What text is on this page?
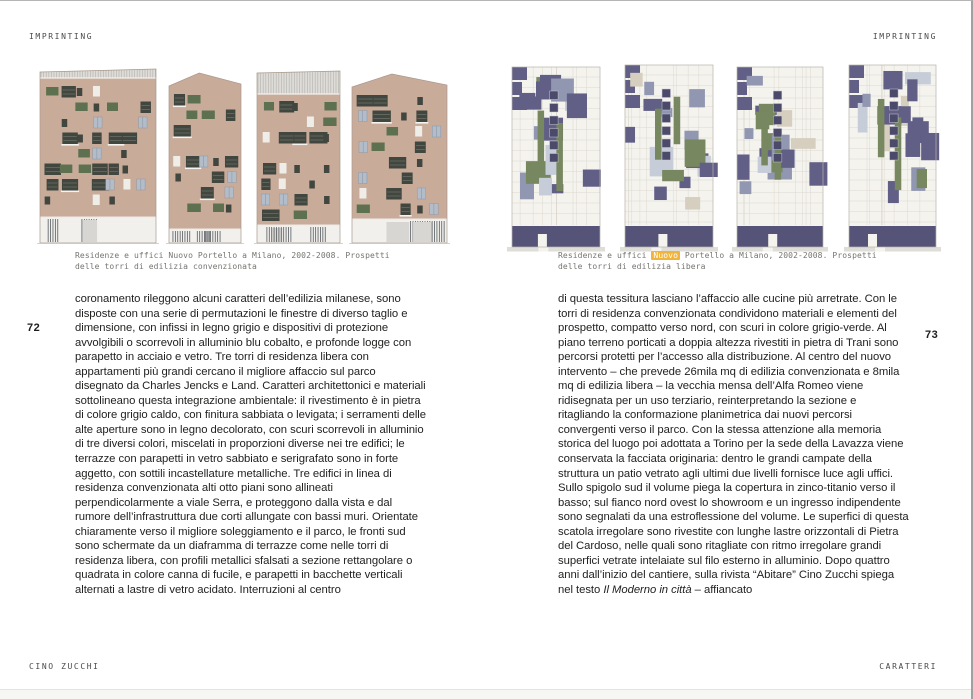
IMPRINTING
72
CINO ZUCCHI
IMPRINTING
73
CARATTERI
Residenze e uffici Nuovo Portello a Milano, 2002-2008. Prospetti
delle torri di edilizia convenzionata
Residenze e uffici Nuovo Portello a Milano, 2002-2008. Prospetti
delle torri di edilizia libera
coronamento rileggono alcuni caratteri dell’edilizia milanese, sono disposte con una serie di permutazioni le finestre di diverso taglio e dimensione, con infissi in legno grigio e dispositivi di protezione avvolgibili o scorrevoli in alluminio blu cobalto, e profonde logge con parapetto in acciaio e vetro. Tre torri di residenza libera con appartamenti più grandi cercano il migliore affaccio sul parco disegnato da Charles Jencks e Land. Caratteri architettonici e materiali sottolineano questa integrazione ambientale: il rivestimento è in pietra di colore grigio caldo, con finitura sabbiata o levigata; i serramenti delle alte aperture sono in legno decolorato, con scuri scorrevoli in alluminio di tre diversi colori, miscelati in proporzioni diverse nei tre edifici; le terrazze con parapetti in vetro sabbiato e serigrafato sono in forte aggetto, con sottili incastellature metalliche. Tre edifici in linea di residenza convenzionata alti otto piani sono allineati perpendicolarmente a viale Serra, e proteggono dalla vista e dal rumore dell’infrastruttura due corti allungate con bassi muri. Orientate chiaramente verso il migliore soleggiamento e il parco, le fronti sud sono schermate da un diaframma di terrazze come nelle torri di residenza libera, con profili metallici sfalsati a sezione rettangolare o quadrata in colore canna di fucile, e parapetti in bacchette verticali alternati a lastre di vetro acidato. Interruzioni al centro
di questa tessitura lasciano l’affaccio alle cucine più arretrate. Con le torri di residenza convenzionata condividono materiali e elementi del prospetto, compatto verso nord, con scuri in colore grigio-verde. Al piano terreno porticati a doppia altezza rivestiti in pietra di Trani sono percorsi protetti per l’accesso alla distribuzione. Al centro del nuovo intervento – che prevede 26mila mq di edilizia convenzionata e 8mila mq di edilizia libera – la vecchia mensa dell’Alfa Romeo viene ridisegnata per un uso terziario, reinterpretando la sezione e ritagliando la conformazione planimetrica dai nuovi percorsi convergenti verso il parco. Con la stessa attenzione alla memoria storica del luogo poi adottata a Torino per la sede della Lavazza viene conservata la facciata originaria: dentro le grandi campate della struttura un patio vetrato agli ultimi due livelli fornisce luce agli uffici. Sullo spigolo sud il volume piega la copertura in zinco-titanio verso il basso; sul fianco nord ovest lo showroom e un ingresso indipendente sono segnalati da una estroflessione del volume. Le superfici di questa scatola irregolare sono rivestite con lunghe lastre orizzontali di Pietra del Cardoso, nelle quali sono ritagliate con ritmo irregolare grandi superfici vetrate intelaiate sul filo esterno in alluminio. Dopo quattro anni dall’inizio del cantiere, sulla rivista “Abitare” Cino Zucchi spiega nel testo Il Moderno in città – affiancato
